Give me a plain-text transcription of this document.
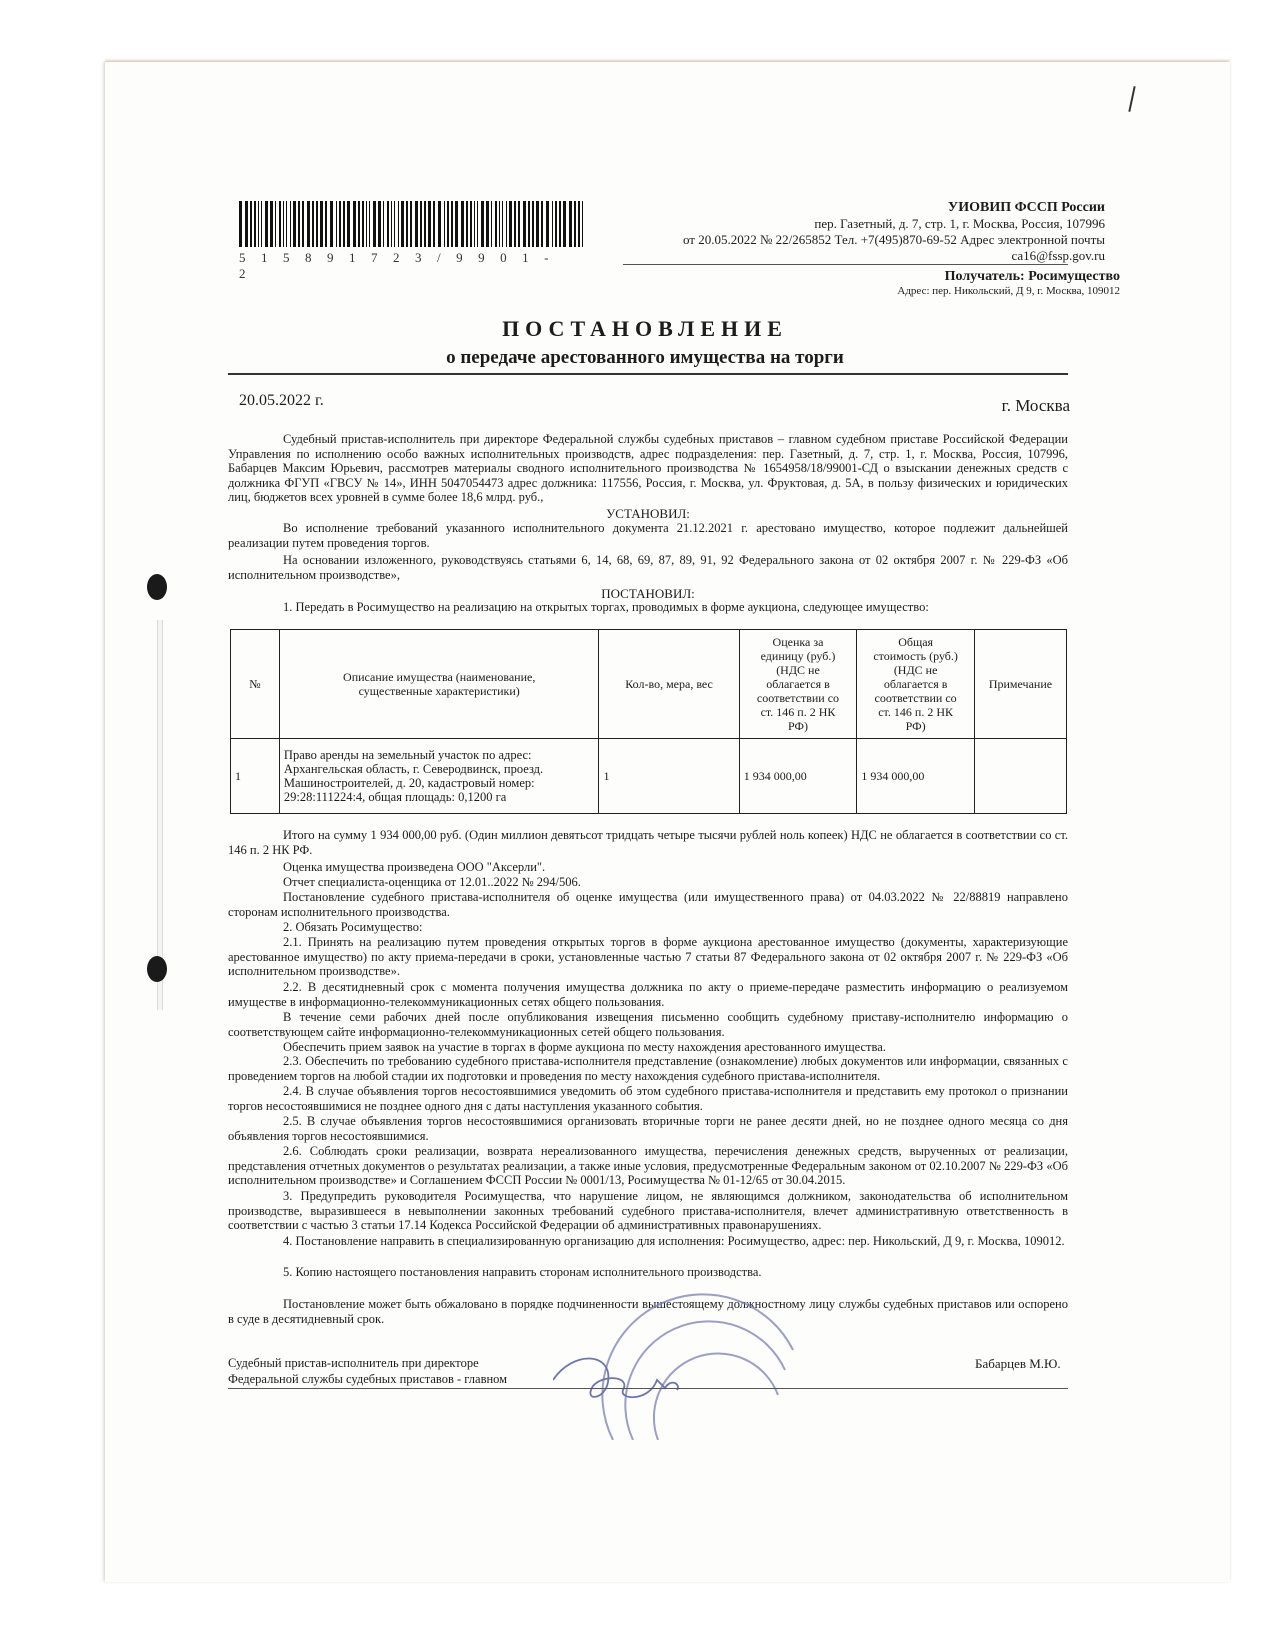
515891723/9901-2
УИОВИП ФССП России
пер. Газетный, д. 7, стр. 1, г. Москва, Россия, 107996
от 20.05.2022 № 22/265852 Тел. +7(495)870-69-52 Адрес электронной почты
ca16@fssp.gov.ru
Получатель: Росимущество
Адрес: пер. Никольский, Д 9, г. Москва, 109012
ПОСТАНОВЛЕНИЕ
о передаче арестованного имущества на торги
20.05.2022 г.	г. Москва
Судебный пристав-исполнитель при директоре Федеральной службы судебных приставов – главном судебном приставе Российской Федерации Управления по исполнению особо важных исполнительных производств, адрес подразделения: пер. Газетный, д. 7, стр. 1, г. Москва, Россия, 107996, Бабарцев Максим Юрьевич, рассмотрев материалы сводного исполнительного производства № 1654958/18/99001-СД о взыскании денежных средств с должника ФГУП «ГВСУ № 14», ИНН 5047054473 адрес должника: 117556, Россия, г. Москва, ул. Фруктовая, д. 5А, в пользу физических и юридических лиц, бюджетов всех уровней в сумме более 18,6 млрд. руб.,
УСТАНОВИЛ:
Во исполнение требований указанного исполнительного документа 21.12.2021 г. арестовано имущество, которое подлежит дальнейшей реализации путем проведения торгов.
На основании изложенного, руководствуясь статьями 6, 14, 68, 69, 87, 89, 91, 92 Федерального закона от 02 октября 2007 г. № 229-ФЗ «Об исполнительном производстве»,
ПОСТАНОВИЛ:
1. Передать в Росимущество на реализацию на открытых торгах, проводимых в форме аукциона, следующее имущество:
№	Описание имущества (наименование, существенные характеристики)	Кол-во, мера, вес	Оценка за единицу (руб.) (НДС не облагается в соответствии со ст. 146 п. 2 НК РФ)	Общая стоимость (руб.) (НДС не облагается в соответствии со ст. 146 п. 2 НК РФ)	Примечание
1	Право аренды на земельный участок по адрес: Архангельская область, г. Северодвинск, проезд. Машиностроителей, д. 20, кадастровый номер: 29:28:111224:4, общая площадь: 0,1200 га	1	1 934 000,00	1 934 000,00	
Итого на сумму 1 934 000,00 руб. (Один миллион девятьсот тридцать четыре тысячи рублей ноль копеек) НДС не облагается в соответствии со ст. 146 п. 2 НК РФ.
Оценка имущества произведена ООО "Аксерли".
Отчет специалиста-оценщика от 12.01..2022 № 294/506.
Постановление судебного пристава-исполнителя об оценке имущества (или имущественного права) от 04.03.2022 № 22/88819 направлено сторонам исполнительного производства.
2. Обязать Росимущество:
2.1. Принять на реализацию путем проведения открытых торгов в форме аукциона арестованное имущество (документы, характеризующие арестованное имущество) по акту приема-передачи в сроки, установленные частью 7 статьи 87 Федерального закона от 02 октября 2007 г. № 229-ФЗ «Об исполнительном производстве».
2.2. В десятидневный срок с момента получения имущества должника по акту о приеме-передаче разместить информацию о реализуемом имуществе в информационно-телекоммуникационных сетях общего пользования.
В течение семи рабочих дней после опубликования извещения письменно сообщить судебному приставу-исполнителю информацию о соответствующем сайте информационно-телекоммуникационных сетей общего пользования.
Обеспечить прием заявок на участие в торгах в форме аукциона по месту нахождения арестованного имущества.
2.3. Обеспечить по требованию судебного пристава-исполнителя представление (ознакомление) любых документов или информации, связанных с проведением торгов на любой стадии их подготовки и проведения по месту нахождения судебного пристава-исполнителя.
2.4. В случае объявления торгов несостоявшимися уведомить об этом судебного пристава-исполнителя и представить ему протокол о признании торгов несостоявшимися не позднее одного дня с даты наступления указанного события.
2.5. В случае объявления торгов несостоявшимися организовать вторичные торги не ранее десяти дней, но не позднее одного месяца со дня объявления торгов несостоявшимися.
2.6. Соблюдать сроки реализации, возврата нереализованного имущества, перечисления денежных средств, вырученных от реализации, представления отчетных документов о результатах реализации, а также иные условия, предусмотренные Федеральным законом от 02.10.2007 № 229-ФЗ «Об исполнительном производстве» и Соглашением ФССП России № 0001/13, Росимущества № 01-12/65 от 30.04.2015.
3. Предупредить руководителя Росимущества, что нарушение лицом, не являющимся должником, законодательства об исполнительном производстве, выразившееся в невыполнении законных требований судебного пристава-исполнителя, влечет административную ответственность в соответствии с частью 3 статьи 17.14 Кодекса Российской Федерации об административных правонарушениях.
4. Постановление направить в специализированную организацию для исполнения: Росимущество, адрес: пер. Никольский, Д 9, г. Москва, 109012.
5. Копию настоящего постановления направить сторонам исполнительного производства.
Постановление может быть обжаловано в порядке подчиненности вышестоящему должностному лицу службы судебных приставов или оспорено в суде в десятидневный срок.
Судебный пристав-исполнитель при директоре
Федеральной службы судебных приставов - главном
Бабарцев М.Ю.
